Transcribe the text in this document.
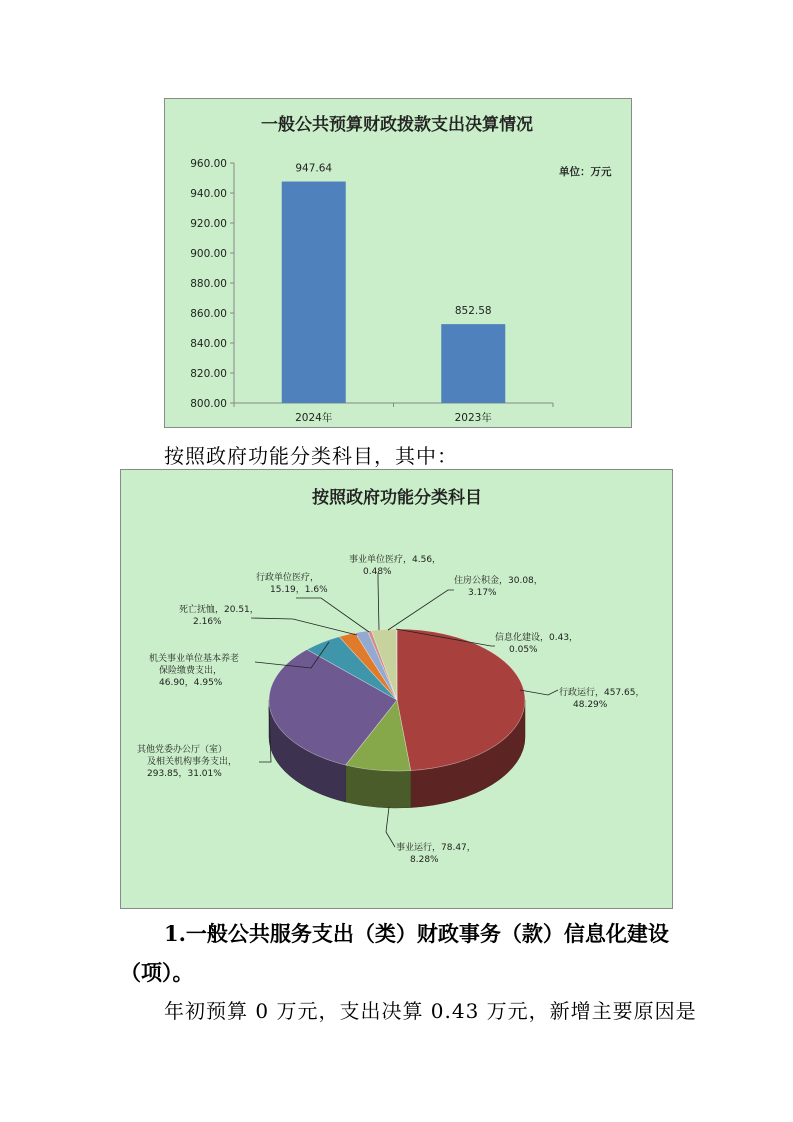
一般公共预算财政拨款支出决算情况
单位：万元
800.00
820.00
840.00
860.00
880.00
900.00
920.00
940.00
960.00	947.64
2024年
852.58
2023年
按照政府功能分类科目，其中：
按照政府功能分类科目
行政运行，457.65， 48.29%
事业运行，78.47， 8.28%
其他党委办公厅（室）及相关机构事务支出， 293.85，31.01%
机关事业单位基本养老保险缴费支出， 46.90，4.95%
死亡抚恤，20.51， 2.16%
行政单位医疗， 15.19，1.6%
事业单位医疗，4.56， 0.48%
住房公积金，30.08， 3.17%
信息化建设，0.43， 0.05%
1.一般公共服务支出（类）财政事务（款）信息化建设
（项）。
年初预算 0 万元，支出决算 0.43 万元，新增主要原因是
